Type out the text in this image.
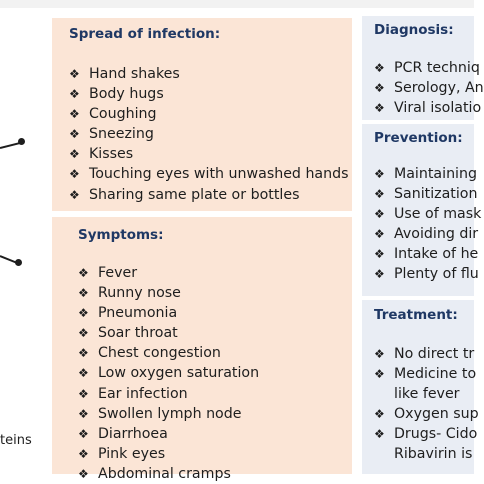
teins
Spread of infection:
❖ Hand shakes
❖ Body hugs
❖ Coughing
❖ Sneezing
❖ Kisses
❖ Touching eyes with unwashed hands
❖ Sharing same plate or bottles
Symptoms:
❖ Fever
❖ Runny nose
❖ Pneumonia
❖ Soar throat
❖ Chest congestion
❖ Low oxygen saturation
❖ Ear infection
❖ Swollen lymph node
❖ Diarrhoea
❖ Pink eyes
❖ Abdominal cramps
Diagnosis:
❖ PCR techniq
❖ Serology, An
❖ Viral isolatio
Prevention:
❖ Maintaining
❖ Sanitization
❖ Use of mask
❖ Avoiding dir
❖ Intake of he
❖ Plenty of flu
Treatment:
❖ No direct tr
❖ Medicine to
like fever
❖ Oxygen sup
❖ Drugs- Cido
Ribavirin is
